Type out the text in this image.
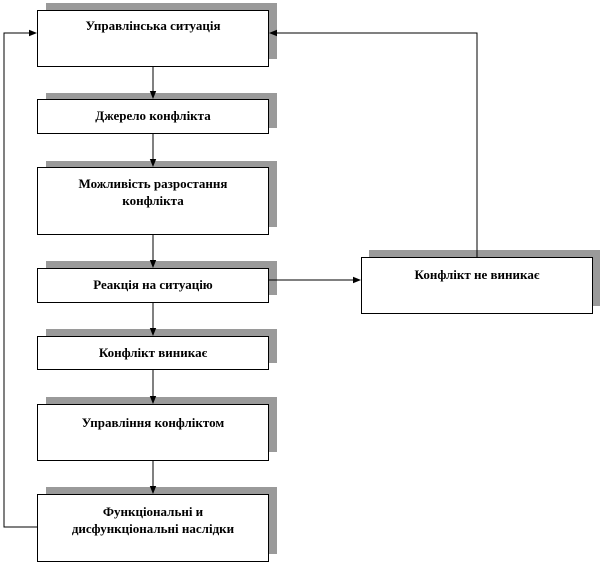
Управлінська ситуація
Джерело конфлікта
Можливість разростання конфлікта
Реакція на ситуацію
Конфлікт не виникає
Конфлікт виникає
Управління конфліктом
Функціональні и дисфункціональні наслідки
